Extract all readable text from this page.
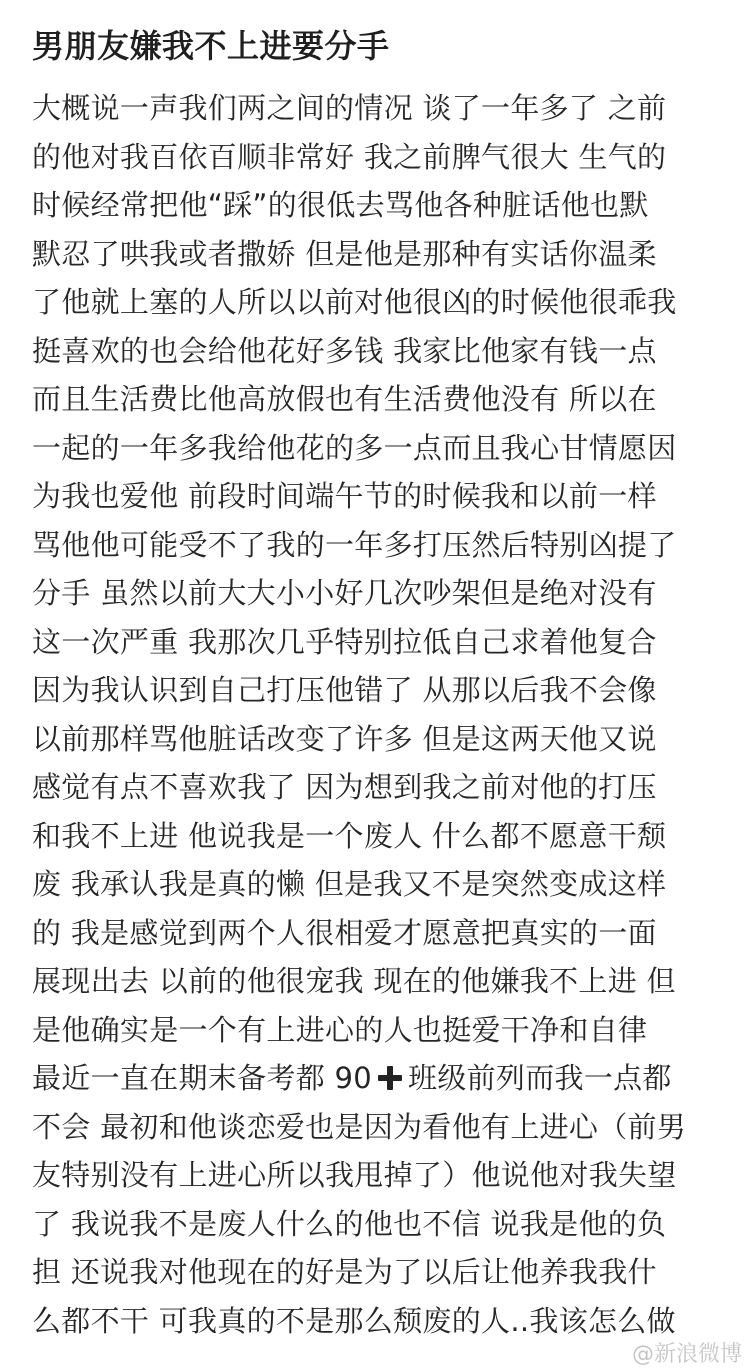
男朋友嫌我不上进要分手
大概说一声我们两之间的情况 谈了一年多了 之前
的他对我百依百顺非常好 我之前脾气很大 生气的
时候经常把他“踩”的很低去骂他各种脏话他也默
默忍了哄我或者撒娇 但是他是那种有实话你温柔
了他就上塞的人所以以前对他很凶的时候他很乖我
挺喜欢的也会给他花好多钱 我家比他家有钱一点
而且生活费比他高放假也有生活费他没有 所以在
一起的一年多我给他花的多一点而且我心甘情愿因
为我也爱他 前段时间端午节的时候我和以前一样
骂他他可能受不了我的一年多打压然后特别凶提了
分手 虽然以前大大小小好几次吵架但是绝对没有
这一次严重 我那次几乎特别拉低自己求着他复合
因为我认识到自己打压他错了 从那以后我不会像
以前那样骂他脏话改变了许多 但是这两天他又说
感觉有点不喜欢我了 因为想到我之前对他的打压
和我不上进 他说我是一个废人 什么都不愿意干颓
废 我承认我是真的懒 但是我又不是突然变成这样
的 我是感觉到两个人很相爱才愿意把真实的一面
展现出去 以前的他很宠我 现在的他嫌我不上进 但
是他确实是一个有上进心的人也挺爱干净和自律
最近一直在期末备考都 90 班级前列而我一点都
不会 最初和他谈恋爱也是因为看他有上进心（前男
友特别没有上进心所以我甩掉了）他说他对我失望
了 我说我不是废人什么的他也不信 说我是他的负
担 还说我对他现在的好是为了以后让他养我我什
么都不干 可我真的不是那么颓废的人..我该怎么做
@新浪微博
